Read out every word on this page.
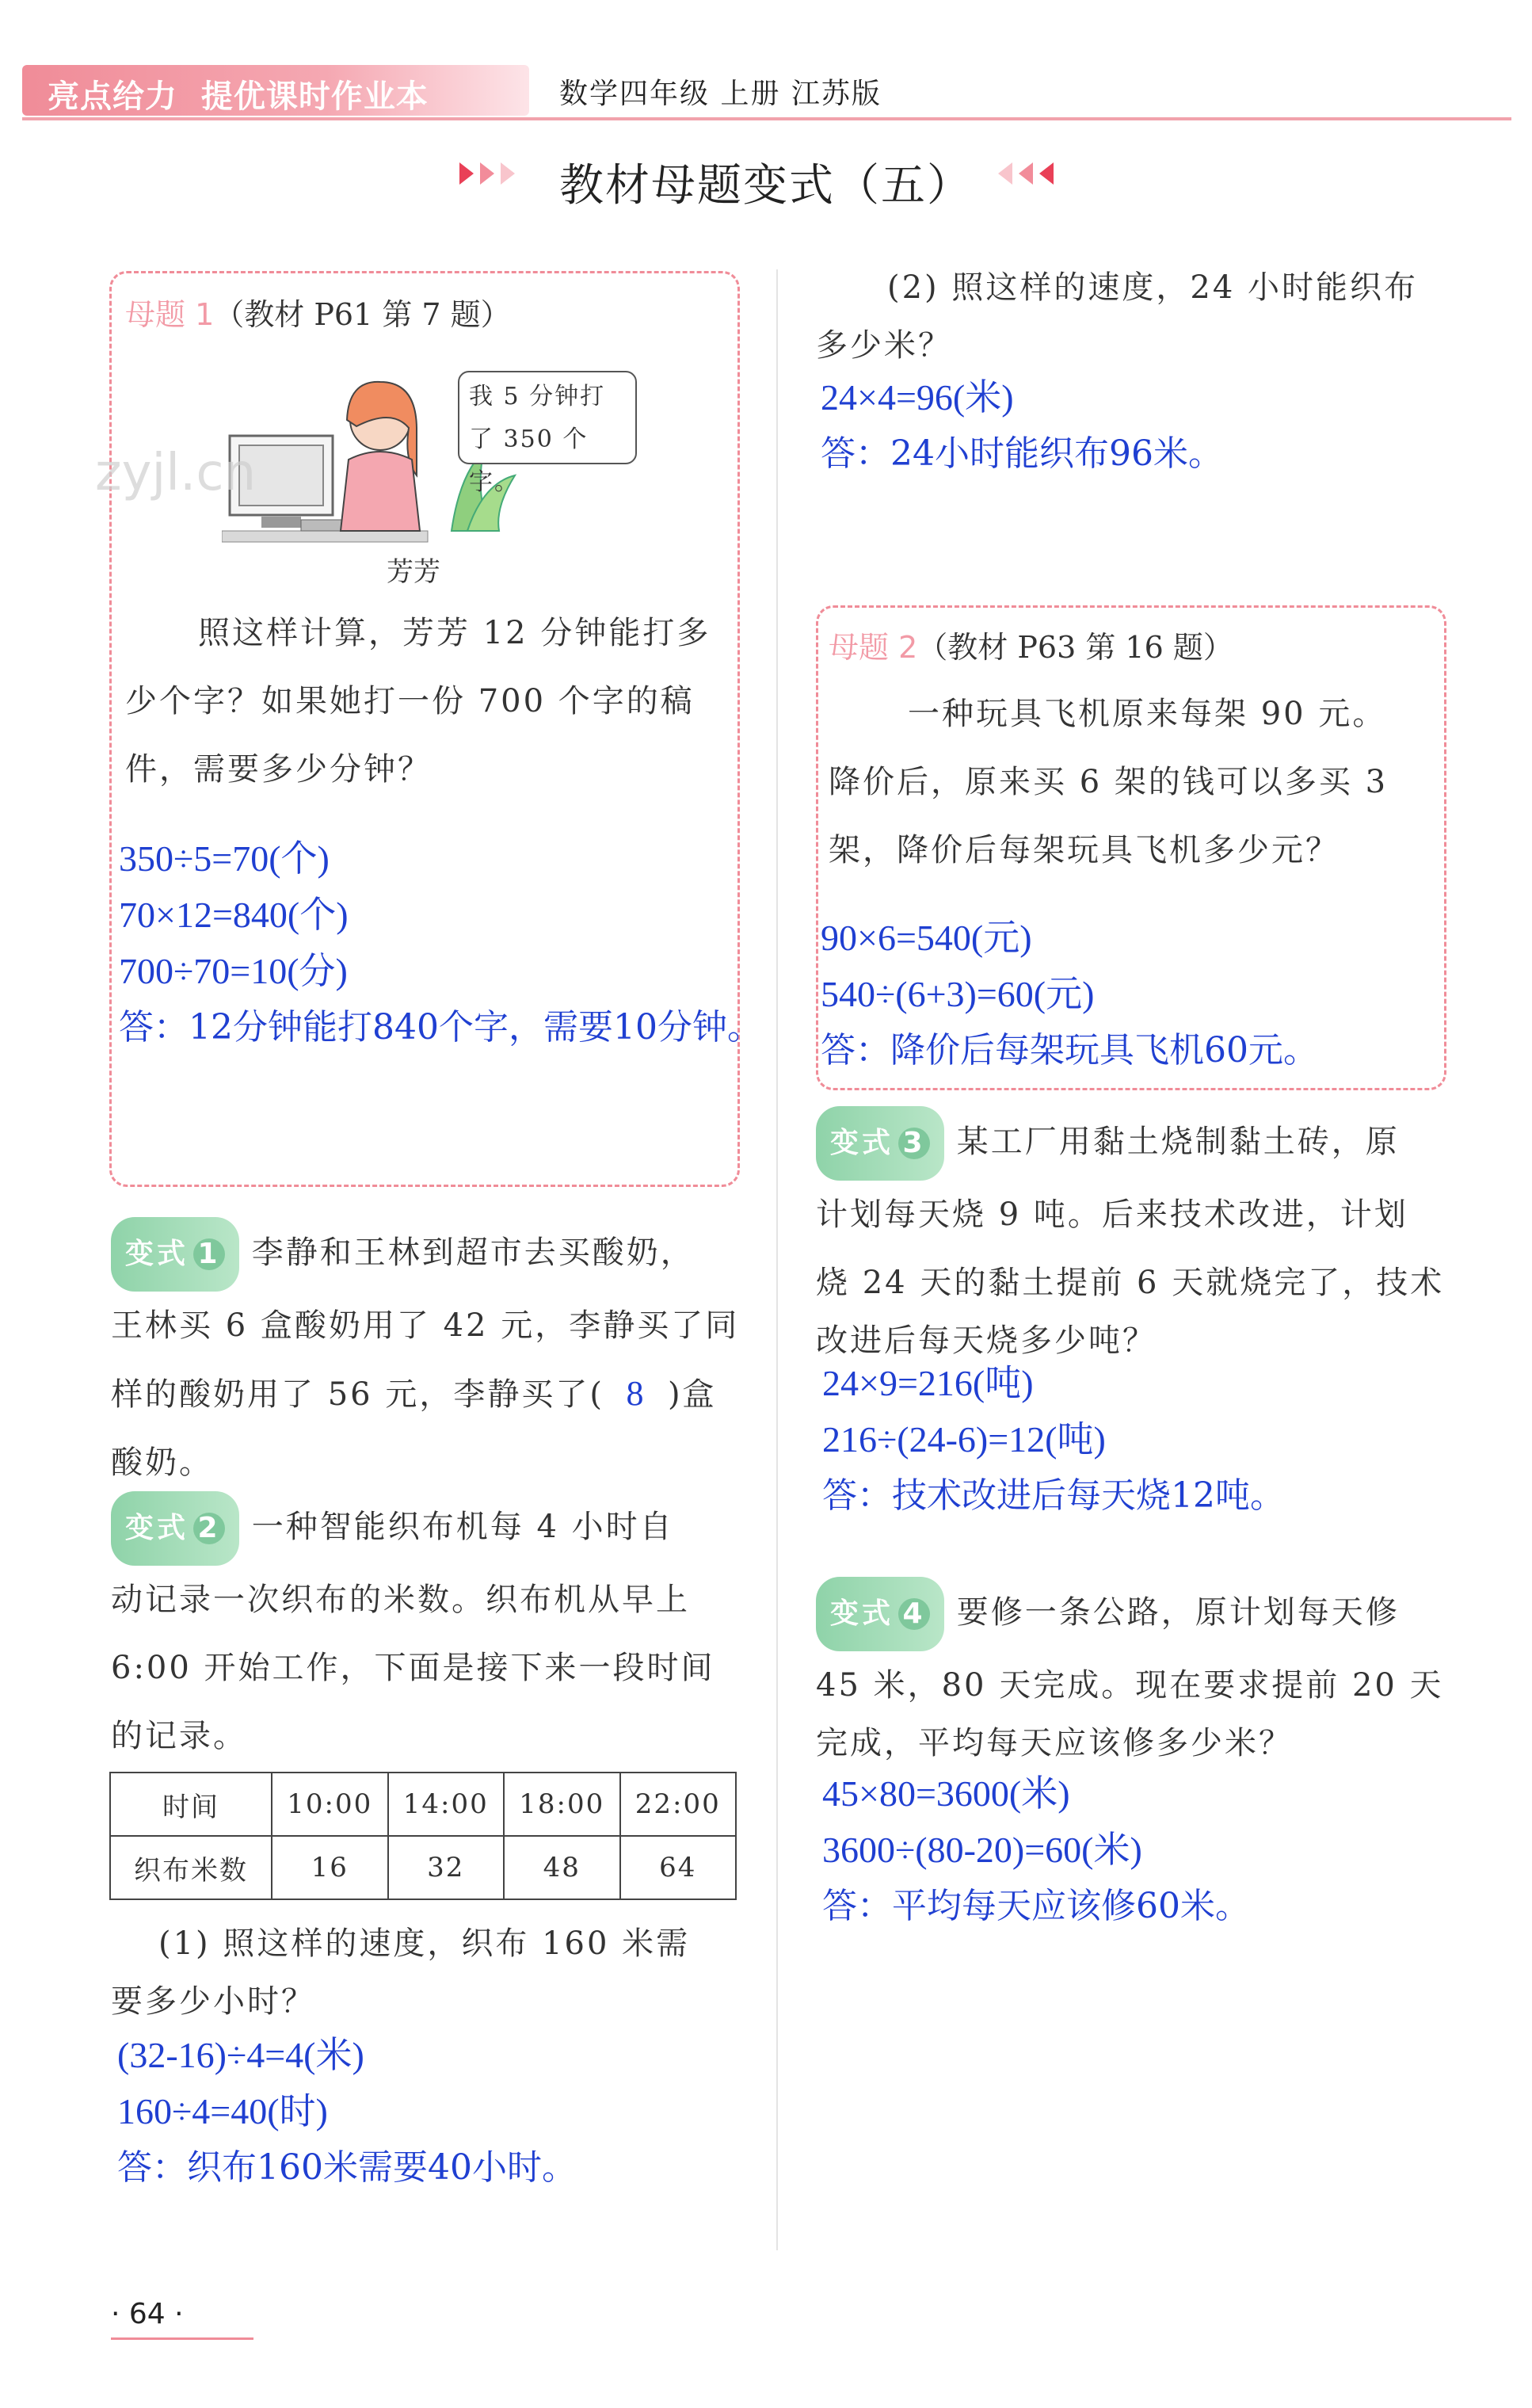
亮点给力 提优课时作业本	数学四年级 上册 江苏版
教材母题变式（五）
母题 1（教材 P61 第 7 题）
我 5 分钟打
了 350 个字。
zyjl.cn
芳芳
照这样计算，芳芳 12 分钟能打多
少个字？如果她打一份 700 个字的稿
件，需要多少分钟？
350÷5=70(个)
70×12=840(个)
700÷70=10(分)
答：12分钟能打840个字，需要10分钟。
变式 1 李静和王林到超市去买酸奶，
王林买 6 盒酸奶用了 42 元，李静买了同
样的酸奶用了 56 元，李静买了( 8 )盒
酸奶。
变式 2 一种智能织布机每 4 小时自
动记录一次织布的米数。织布机从早上
6:00 开始工作，下面是接下来一段时间
的记录。
时间	10:00	14:00	18:00	22:00
织布米数	16	32	48	64
(1) 照这样的速度，织布 160 米需
要多少小时？
(32-16)÷4=4(米)
160÷4=40(时)
答：织布160米需要40小时。
(2) 照这样的速度，24 小时能织布
多少米？
24×4=96(米)
答：24小时能织布96米。
母题 2（教材 P63 第 16 题）
一种玩具飞机原来每架 90 元。
降价后，原来买 6 架的钱可以多买 3
架，降价后每架玩具飞机多少元？
90×6=540(元)
540÷(6+3)=60(元)
答：降价后每架玩具飞机60元。
变式 3 某工厂用黏土烧制黏土砖，原
计划每天烧 9 吨。后来技术改进，计划
烧 24 天的黏土提前 6 天就烧完了，技术
改进后每天烧多少吨？
24×9=216(吨)
216÷(24-6)=12(吨)
答：技术改进后每天烧12吨。
变式 4 要修一条公路，原计划每天修
45 米，80 天完成。现在要求提前 20 天
完成，平均每天应该修多少米？
45×80=3600(米)
3600÷(80-20)=60(米)
答：平均每天应该修60米。
· 64 ·
